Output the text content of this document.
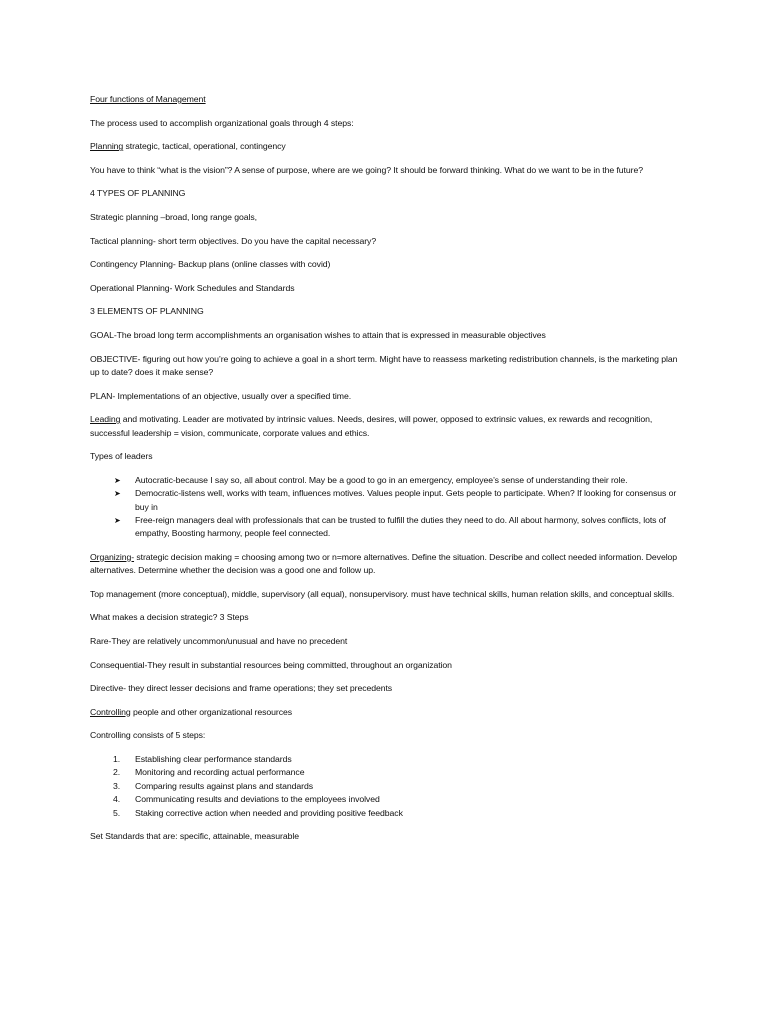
Four functions of Management

The process used to accomplish organizational goals through 4 steps:

Planning strategic, tactical, operational, contingency

You have to think “what is the vision”? A sense of purpose, where are we going? It should be forward thinking. What do we want to be in the future?

4 TYPES OF PLANNING

Strategic planning –broad, long range goals,

Tactical planning- short term objectives. Do you have the capital necessary?

Contingency Planning- Backup plans (online classes with covid)

Operational Planning- Work Schedules and Standards

3 ELEMENTS OF PLANNING

GOAL-The broad long term accomplishments an organisation wishes to attain that is expressed in measurable objectives

OBJECTIVE- figuring out how you’re going to achieve a goal in a short term. Might have to reassess marketing redistribution channels, is the marketing plan up to date? does it make sense?

PLAN- Implementations of an objective, usually over a specified time.

Leading and motivating. Leader are motivated by intrinsic values. Needs, desires, will power, opposed to extrinsic values, ex rewards and recognition, successful leadership = vision, communicate, corporate values and ethics.

Types of leaders

➤ Autocratic-because I say so, all about control. May be a good to go in an emergency, employee’s sense of understanding their role.
➤ Democratic-listens well, works with team, influences motives. Values people input. Gets people to participate. When? If looking for consensus or buy in
➤ Free-reign managers deal with professionals that can be trusted to fulfill the duties they need to do. All about harmony, solves conflicts, lots of empathy, Boosting harmony, people feel connected.

Organizing- strategic decision making = choosing among two or n=more alternatives. Define the situation. Describe and collect needed information. Develop alternatives. Determine whether the decision was a good one and follow up.

Top management (more conceptual), middle, supervisory (all equal), nonsupervisory. must have technical skills, human relation skills, and conceptual skills.

What makes a decision strategic? 3 Steps

Rare-They are relatively uncommon/unusual and have no precedent

Consequential-They result in substantial resources being committed, throughout an organization

Directive- they direct lesser decisions and frame operations; they set precedents

Controlling people and other organizational resources

Controlling consists of 5 steps:

1. Establishing clear performance standards
2. Monitoring and recording actual performance
3. Comparing results against plans and standards
4. Communicating results and deviations to the employees involved
5. Staking corrective action when needed and providing positive feedback

Set Standards that are: specific, attainable, measurable
